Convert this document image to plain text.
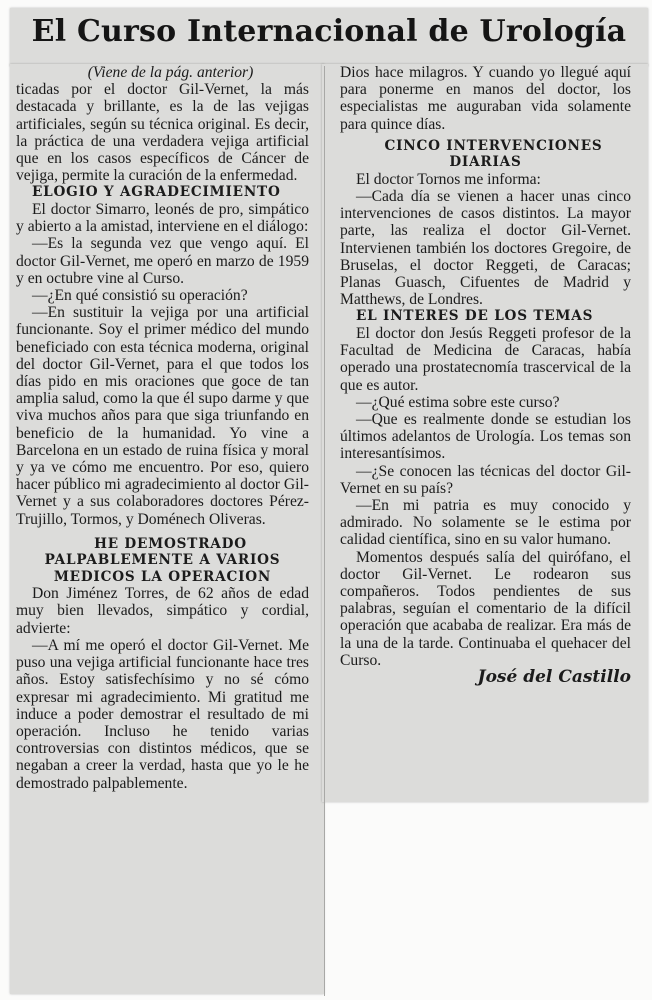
El Curso Internacional de Urología

(Viene de la pág. anterior)

ticadas por el doctor Gil-Vernet, la más destacada y brillante, es la de las vejigas artificiales, según su técnica original. Es decir, la práctica de una verdadera vejiga artificial que en los casos específicos de Cáncer de vejiga, permite la curación de la enfermedad.

ELOGIO Y AGRADECIMIENTO

El doctor Simarro, leonés de pro, simpático y abierto a la amistad, interviene en el diálogo:

—Es la segunda vez que vengo aquí. El doctor Gil-Vernet, me operó en marzo de 1959 y en octubre vine al Curso.

—¿En qué consistió su operación?

—En sustituir la vejiga por una artificial funcionante. Soy el primer médico del mundo beneficiado con esta técnica moderna, original del doctor Gil-Vernet, para el que todos los días pido en mis oraciones que goce de tan amplia salud, como la que él supo darme y que viva muchos años para que siga triunfando en beneficio de la humanidad. Yo vine a Barcelona en un estado de ruina física y moral y ya ve cómo me encuentro. Por eso, quiero hacer público mi agradecimiento al doctor Gil-Vernet y a sus colaboradores doctores Pérez-Trujillo, Tormos, y Doménech Oliveras.

HE DEMOSTRADO PALPABLEMENTE A VARIOS MEDICOS LA OPERACION

Don Jiménez Torres, de 62 años de edad muy bien llevados, simpático y cordial, advierte:

—A mí me operó el doctor Gil-Vernet. Me puso una vejiga artificial funcionante hace tres años. Estoy satisfechísimo y no sé cómo expresar mi agradecimiento. Mi gratitud me induce a poder demostrar el resultado de mi operación. Incluso he tenido varias controversias con distintos médicos, que se negaban a creer la verdad, hasta que yo le he demostrado palpablemente.

Dios hace milagros. Y cuando yo llegué aquí para ponerme en manos del doctor, los especialistas me auguraban vida solamente para quince días.

CINCO INTERVENCIONES DIARIAS

El doctor Tornos me informa:

—Cada día se vienen a hacer unas cinco intervenciones de casos distintos. La mayor parte, las realiza el doctor Gil-Vernet. Intervienen también los doctores Gregoire, de Bruselas, el doctor Reggeti, de Caracas; Planas Guasch, Cifuentes de Madrid y Matthews, de Londres.

EL INTERES DE LOS TEMAS

El doctor don Jesús Reggeti profesor de la Facultad de Medicina de Caracas, había operado una prostatecnomía trascervical de la que es autor.

—¿Qué estima sobre este curso?

—Que es realmente donde se estudian los últimos adelantos de Urología. Los temas son interesantísimos.

—¿Se conocen las técnicas del doctor Gil-Vernet en su país?

—En mi patria es muy conocido y admirado. No solamente se le estima por calidad científica, sino en su valor humano.

Momentos después salía del quirófano, el doctor Gil-Vernet. Le rodearon sus compañeros. Todos pendientes de sus palabras, seguían el comentario de la difícil operación que acababa de realizar. Era más de la una de la tarde. Continuaba el quehacer del Curso.

José del Castillo
